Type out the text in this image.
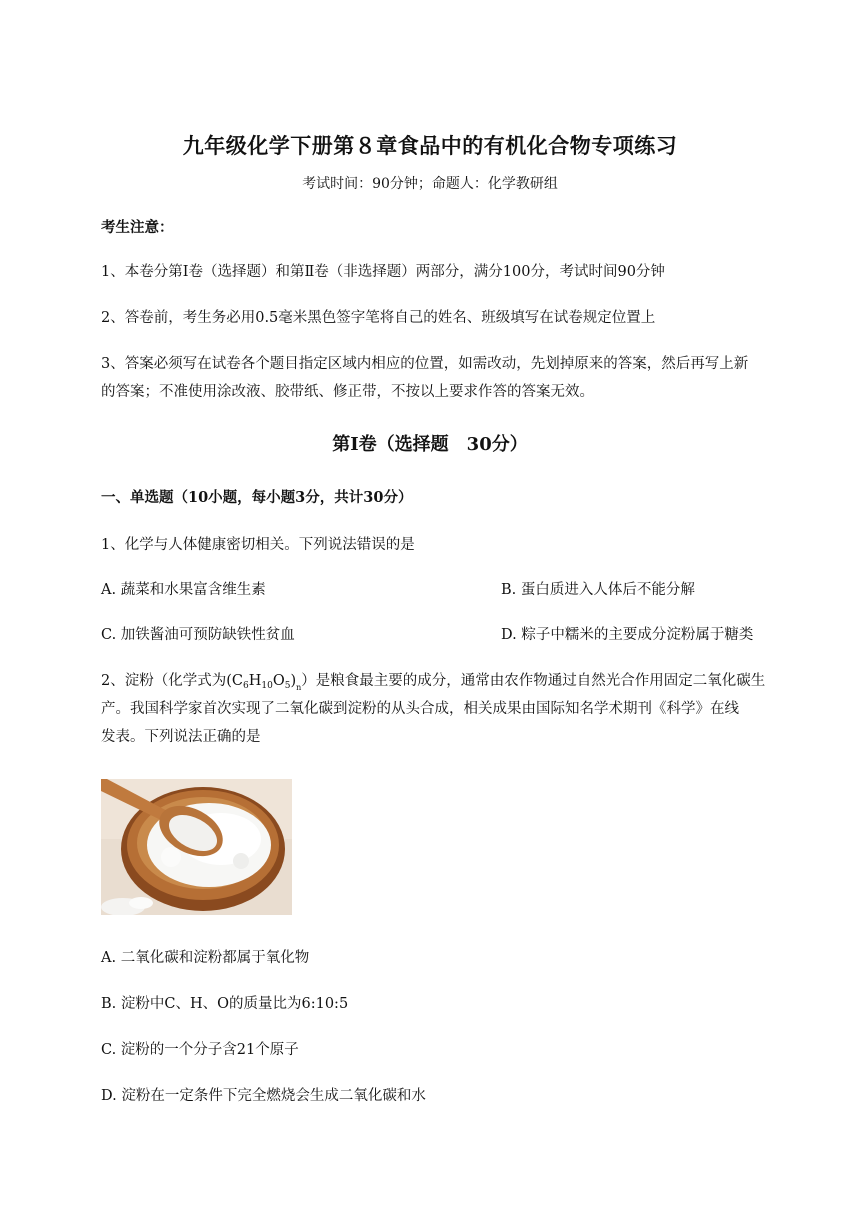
九年级化学下册第８章食品中的有机化合物专项练习
考试时间：90分钟；命题人：化学教研组
考生注意：
1、本卷分第Ⅰ卷（选择题）和第Ⅱ卷（非选择题）两部分，满分100分，考试时间90分钟
2、答卷前，考生务必用0.5毫米黑色签字笔将自己的姓名、班级填写在试卷规定位置上
3、答案必须写在试卷各个题目指定区域内相应的位置，如需改动，先划掉原来的答案，然后再写上新
的答案；不准使用涂改液、胶带纸、修正带，不按以上要求作答的答案无效。
第Ⅰ卷（选择题　30分）
一、单选题（10小题，每小题3分，共计30分）
1、化学与人体健康密切相关。下列说法错误的是
A. 蔬菜和水果富含维生素	B. 蛋白质进入人体后不能分解
C. 加铁酱油可预防缺铁性贫血	D. 粽子中糯米的主要成分淀粉属于糖类
2、淀粉（化学式为$(C_6H_{10}O_5)_n$）是粮食最主要的成分，通常由农作物通过自然光合作用固定二氧化碳生
产。我国科学家首次实现了二氧化碳到淀粉的从头合成，相关成果由国际知名学术期刊《科学》在线
发表。下列说法正确的是
A. 二氧化碳和淀粉都属于氧化物
B. 淀粉中C、H、O的质量比为6:10:5
C. 淀粉的一个分子含21个原子
D. 淀粉在一定条件下完全燃烧会生成二氧化碳和水
